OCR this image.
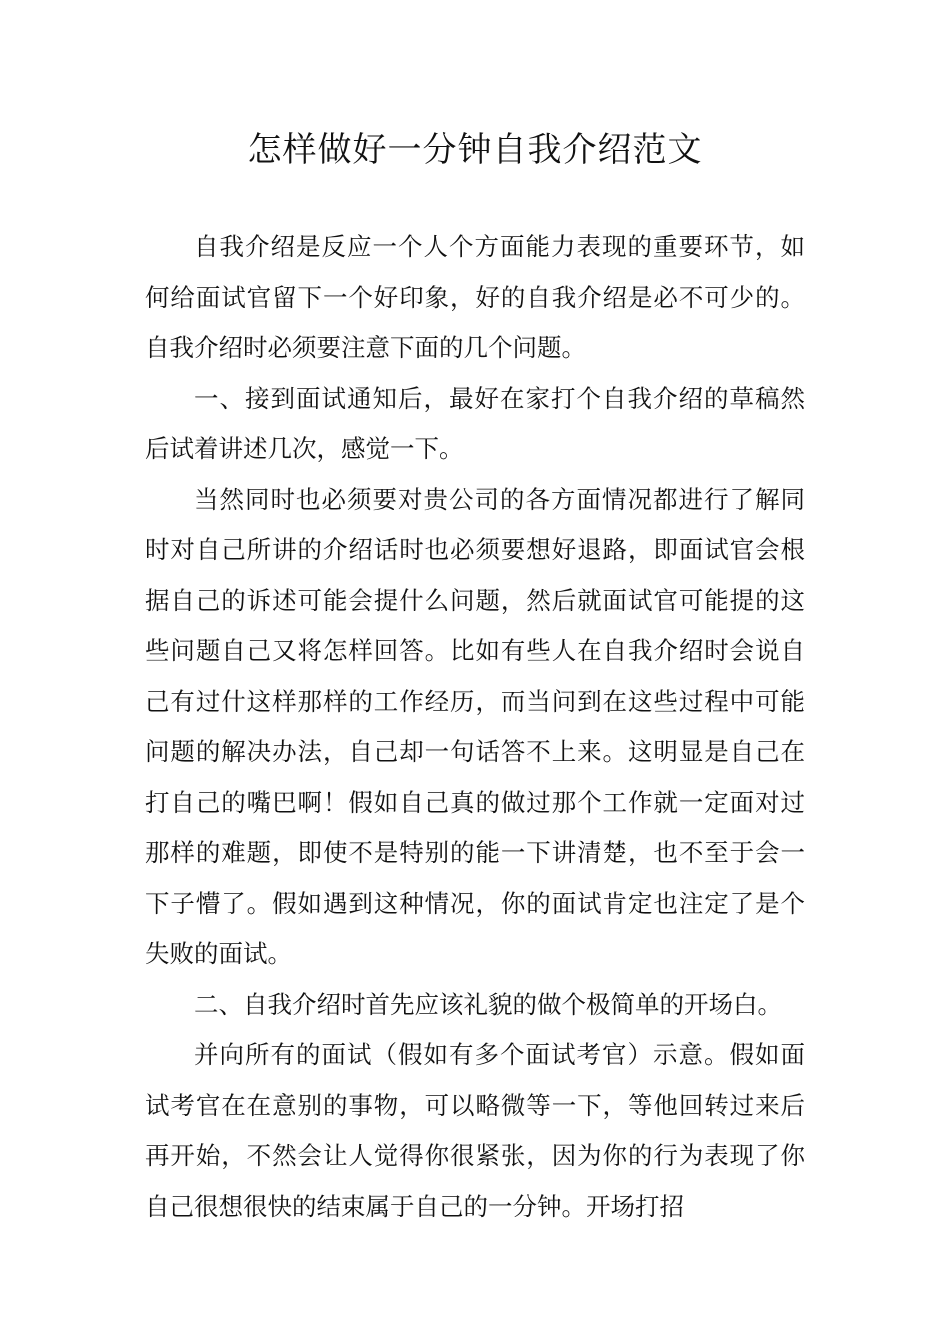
怎样做好一分钟自我介绍范文

自我介绍是反应一个人个方面能力表现的重要环节，如何给面试官留下一个好印象，好的自我介绍是必不可少的。自我介绍时必须要注意下面的几个问题。

一、接到面试通知后，最好在家打个自我介绍的草稿然后试着讲述几次，感觉一下。

当然同时也必须要对贵公司的各方面情况都进行了解同时对自己所讲的介绍话时也必须要想好退路，即面试官会根据自己的诉述可能会提什么问题，然后就面试官可能提的这些问题自己又将怎样回答。比如有些人在自我介绍时会说自己有过什这样那样的工作经历，而当问到在这些过程中可能问题的解决办法，自己却一句话答不上来。这明显是自己在打自己的嘴巴啊！假如自己真的做过那个工作就一定面对过那样的难题，即使不是特别的能一下讲清楚，也不至于会一下子懵了。假如遇到这种情况，你的面试肯定也注定了是个失败的面试。

二、自我介绍时首先应该礼貌的做个极简单的开场白。

并向所有的面试（假如有多个面试考官）示意。假如面试考官在在意别的事物，可以略微等一下，等他回转过来后再开始，不然会让人觉得你很紧张，因为你的行为表现了你自己很想很快的结束属于自己的一分钟。开场打招
